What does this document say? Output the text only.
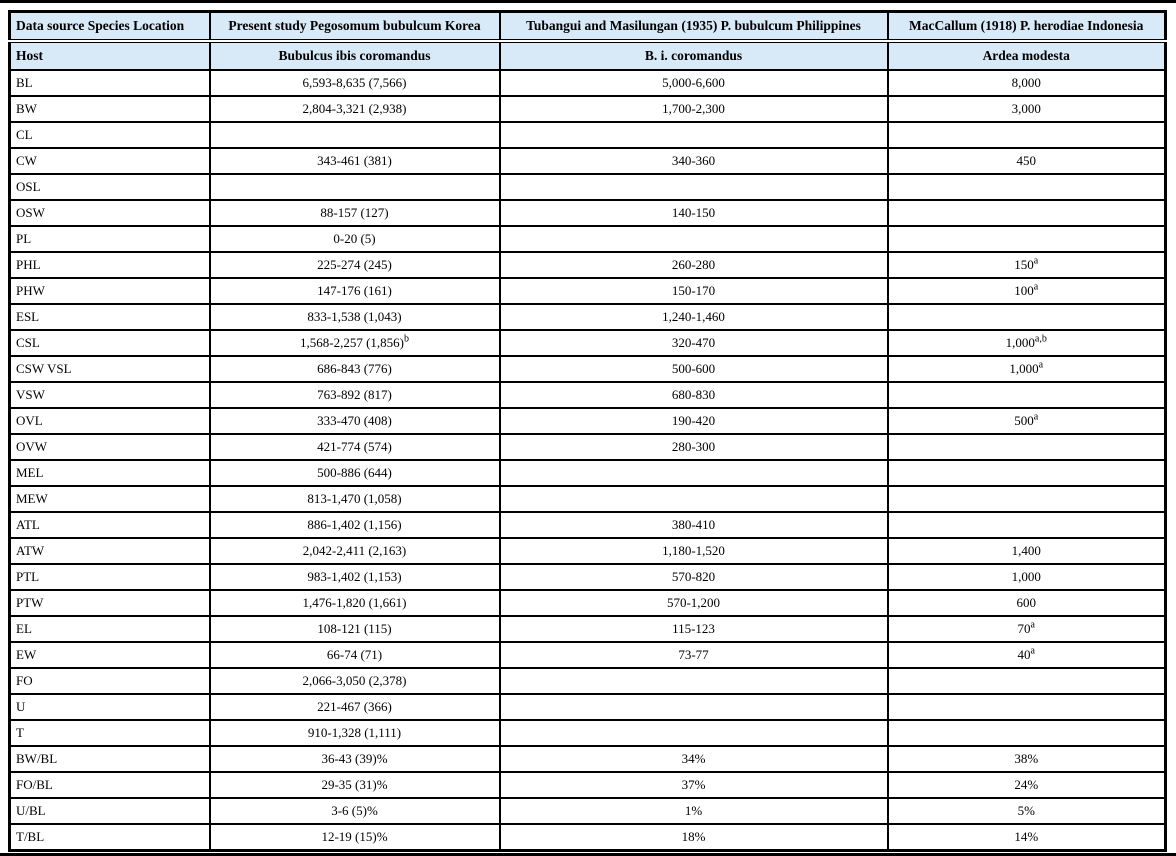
Data source Species Location	Present study Pegosomum bubulcum Korea	Tubangui and Masilungan (1935) P. bubulcum Philippines	MacCallum (1918) P. herodiae Indonesia
Host	Bubulcus ibis coromandus	B. i. coromandus	Ardea modesta
BL	6,593-8,635 (7,566)	5,000-6,600	8,000
BW	2,804-3,321 (2,938)	1,700-2,300	3,000
CL			
CW	343-461 (381)	340-360	450
OSL			
OSW	88-157 (127)	140-150	
PL	0-20 (5)		
PHL	225-274 (245)	260-280	150$^a$
PHW	147-176 (161)	150-170	100$^a$
ESL	833-1,538 (1,043)	1,240-1,460	
CSL	1,568-2,257 $(1,856)^b$	320-470	1,000$^{a,b}$
CSW VSL	686-843 (776)	500-600	1,000$^a$
VSW	763-892 (817)	680-830	
OVL	333-470 (408)	190-420	500$^a$
OVW	421-774 (574)	280-300	
MEL	500-886 (644)		
MEW	813-1,470 (1,058)		
ATL	886-1,402 (1,156)	380-410	
ATW	2,042-2,411 (2,163)	1,180-1,520	1,400
PTL	983-1,402 (1,153)	570-820	1,000
PTW	1,476-1,820 (1,661)	570-1,200	600
EL	108-121 (115)	115-123	70$^a$
EW	66-74 (71)	73-77	40$^a$
FO	2,066-3,050 (2,378)		
U	221-467 (366)		
T	910-1,328 (1,111)		
BW/BL	36-43 (39)%	34%	38%
FO/BL	29-35 (31)%	37%	24%
U/BL	3-6 (5)%	1%	5%
T/BL	12-19 (15)%	18%	14%
